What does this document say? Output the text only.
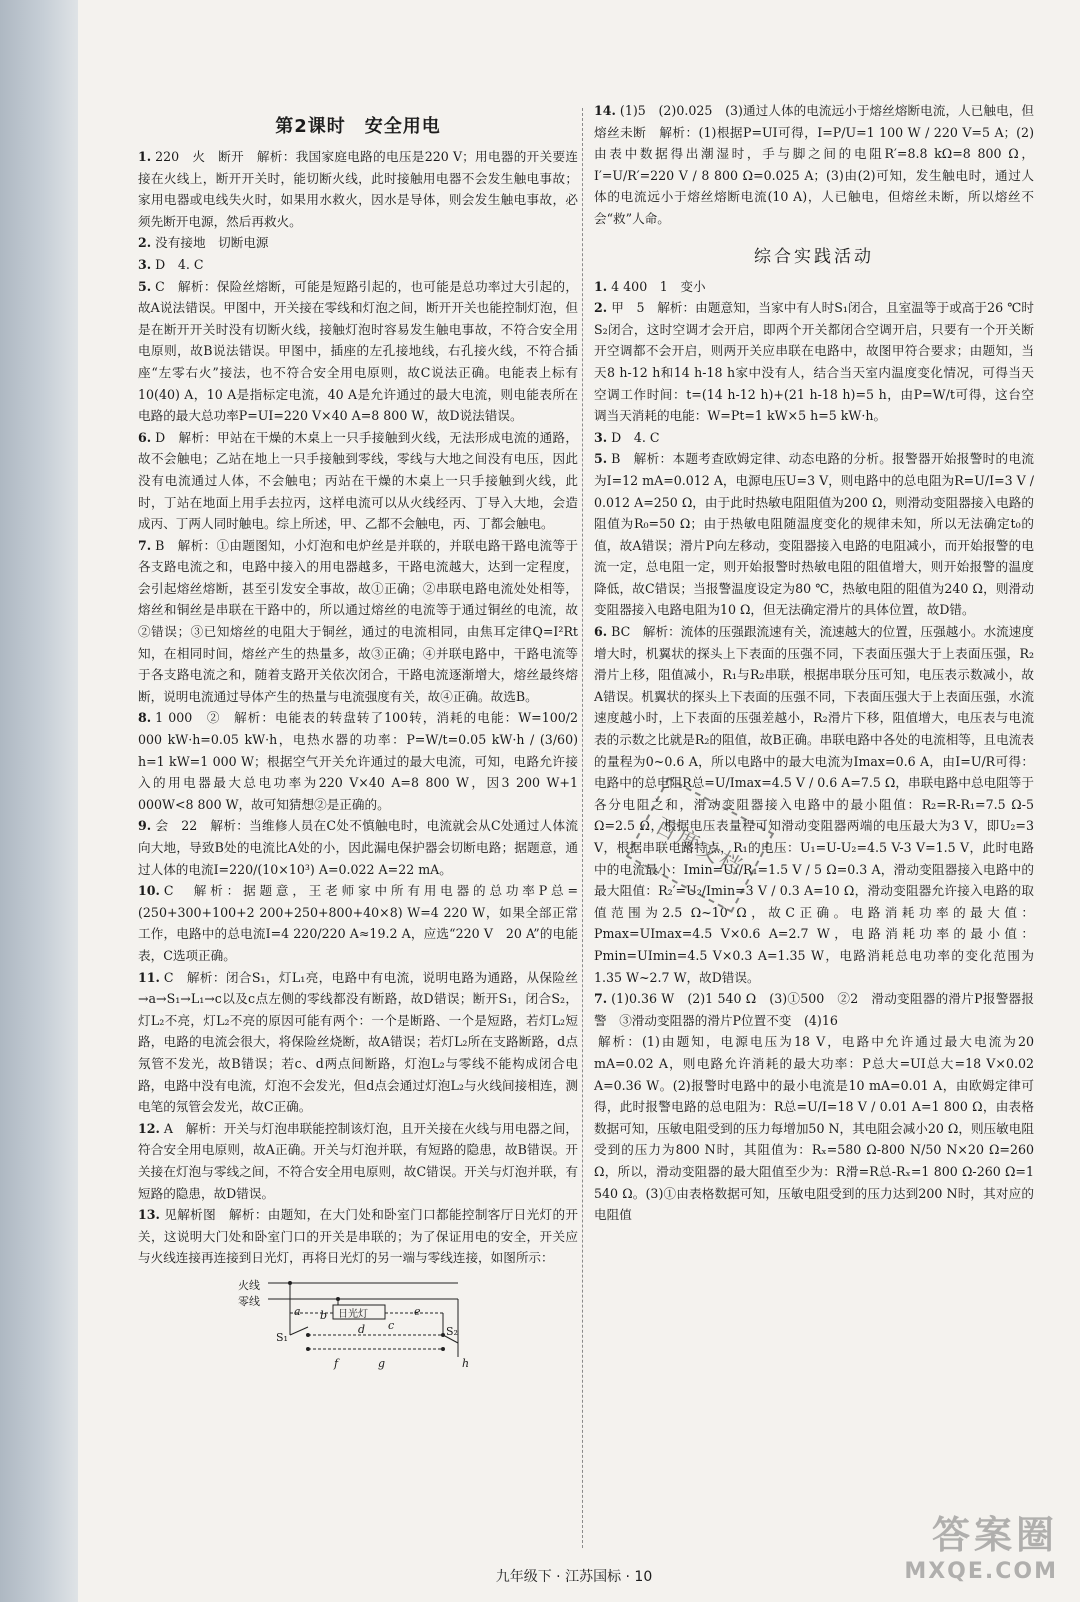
第2课时　安全用电

1. 220　火　断开　解析：我国家庭电路的电压是220 V；用电器的开关要连接在火线上，断开开关时，能切断火线，此时接触用电器不会发生触电事故；家用电器或电线失火时，如果用水救火，因水是导体，则会发生触电事故，必须先断开电源，然后再救火。

2. 没有接地　切断电源

3. D　4. C

5. C　解析：保险丝熔断，可能是短路引起的，也可能是总功率过大引起的，故A说法错误。甲图中，开关接在零线和灯泡之间，断开开关也能控制灯泡，但是在断开开关时没有切断火线，接触灯泡时容易发生触电事故，不符合安全用电原则，故B说法错误。甲图中，插座的左孔接地线，右孔接火线，不符合插座“左零右火”接法，也不符合安全用电原则，故C说法正确。电能表上标有10(40) A，10 A是指标定电流，40 A是允许通过的最大电流，则电能表所在电路的最大总功率P=UI=220 V×40 A=8 800 W，故D说法错误。

6. D　解析：甲站在干燥的木桌上一只手接触到火线，无法形成电流的通路，故不会触电；乙站在地上一只手接触到零线，零线与大地之间没有电压，因此没有电流通过人体，不会触电；丙站在干燥的木桌上一只手接触到火线，此时，丁站在地面上用手去拉丙，这样电流可以从火线经丙、丁导入大地，会造成丙、丁两人同时触电。综上所述，甲、乙都不会触电，丙、丁都会触电。

7. B　解析：①由题图知，小灯泡和电炉丝是并联的，并联电路干路电流等于各支路电流之和，电路中接入的用电器越多，干路电流越大，达到一定程度，会引起熔丝熔断，甚至引发安全事故，故①正确；②串联电路电流处处相等，熔丝和铜丝是串联在干路中的，所以通过熔丝的电流等于通过铜丝的电流，故②错误；③已知熔丝的电阻大于铜丝，通过的电流相同，由焦耳定律Q=I²Rt知，在相同时间，熔丝产生的热量多，故③正确；④并联电路中，干路电流等于各支路电流之和，随着支路开关依次闭合，干路电流逐渐增大，熔丝最终熔断，说明电流通过导体产生的热量与电流强度有关，故④正确。故选B。

8. 1 000　②　解析：电能表的转盘转了100转，消耗的电能：W=100/2 000 kW·h=0.05 kW·h，电热水器的功率：P=W/t=0.05 kW·h / (3/60) h=1 kW=1 000 W；根据空气开关允许通过的最大电流，可知，电路允许接入的用电器最大总电功率为220 V×40 A=8 800 W，因3 200 W+1 000W<8 800 W，故可知猜想②是正确的。

9. 会　22　解析：当维修人员在C处不慎触电时，电流就会从C处通过人体流向大地，导致B处的电流比A处的小，因此漏电保护器会切断电路；据题意，通过人体的电流I=220/(10×10³) A=0.022 A=22 mA。

10. C　解析：据题意，王老师家中所有用电器的总功率P总=(250+300+100+2 200+250+800+40×8) W=4 220 W，如果全部正常工作，电路中的总电流I=4 220/220 A≈19.2 A，应选“220 V　20 A”的电能表，C选项正确。

11. C　解析：闭合S₁，灯L₁亮，电路中有电流，说明电路为通路，从保险丝→a→S₁→L₁→c以及c点左侧的零线都没有断路，故D错误；断开S₁，闭合S₂，灯L₂不亮，灯L₂不亮的原因可能有两个：一个是断路、一个是短路，若灯L₂短路，电路的电流会很大，将保险丝烧断，故A错误；若灯L₂所在支路断路，d点氖管不发光，故B错误；若c、d两点间断路，灯泡L₂与零线不能构成闭合电路，电路中没有电流，灯泡不会发光，但d点会通过灯泡L₂与火线间接相连，测电笔的氖管会发光，故C正确。

12. A　解析：开关与灯泡串联能控制该灯泡，且开关接在火线与用电器之间，符合安全用电原则，故A正确。开关与灯泡并联，有短路的隐患，故B错误。开关接在灯泡与零线之间，不符合安全用电原则，故C错误。开关与灯泡并联，有短路的隐患，故D错误。

13. 见解析图　解析：由题知，在大门处和卧室门口都能控制客厅日光灯的开关，这说明大门处和卧室门口的开关是串联的；为了保证用电的安全，开关应与火线连接再连接到日光灯，再将日光灯的另一端与零线连接，如图所示：

火线
零线
日光灯
S₁	S₂
a b
c
d
e
f	g	h

14. (1)5　(2)0.025　(3)通过人体的电流远小于熔丝熔断电流，人已触电，但熔丝未断　解析：(1)根据P=UI可得，I=P/U=1 100 W / 220 V=5 A；(2)由表中数据得出潮湿时，手与脚之间的电阻R′=8.8 kΩ=8 800 Ω，I′=U/R′=220 V / 8 800 Ω=0.025 A；(3)由(2)可知，发生触电时，通过人体的电流远小于熔丝熔断电流(10 A)，人已触电，但熔丝未断，所以熔丝不会“救”人命。

综合实践活动

1. 4 400　1　变小

2. 甲　5　解析：由题意知，当家中有人时S₁闭合，且室温等于或高于26 ℃时S₂闭合，这时空调才会开启，即两个开关都闭合空调开启，只要有一个开关断开空调都不会开启，则两开关应串联在电路中，故图甲符合要求；由题知，当天8 h-12 h和14 h-18 h家中没有人，结合当天室内温度变化情况，可得当天空调工作时间：t=(14 h-12 h)+(21 h-18 h)=5 h，由P=W/t可得，这台空调当天消耗的电能：W=Pt=1 kW×5 h=5 kW·h。

3. D　4. C

5. B　解析：本题考查欧姆定律、动态电路的分析。报警器开始报警时的电流为I=12 mA=0.012 A，电源电压U=3 V，则电路中的总电阻为R=U/I=3 V / 0.012 A=250 Ω，由于此时热敏电阻阻值为200 Ω，则滑动变阻器接入电路的阻值为R₀=50 Ω；由于热敏电阻随温度变化的规律未知，所以无法确定t₀的值，故A错误；滑片P向左移动，变阻器接入电路的电阻减小，而开始报警的电流一定，总电阻一定，则开始报警时热敏电阻的阻值增大，则开始报警的温度降低，故C错误；当报警温度设定为80 ℃，热敏电阻的阻值为240 Ω，则滑动变阻器接入电路电阻为10 Ω，但无法确定滑片的具体位置，故D错。

6. BC　解析：流体的压强跟流速有关，流速越大的位置，压强越小。水流速度增大时，机翼状的探头上下表面的压强不同，下表面压强大于上表面压强，R₂滑片上移，阻值减小，R₁与R₂串联，根据串联分压可知，电压表示数减小，故A错误。机翼状的探头上下表面的压强不同，下表面压强大于上表面压强，水流速度越小时，上下表面的压强差越小，R₂滑片下移，阻值增大，电压表与电流表的示数之比就是R₂的阻值，故B正确。串联电路中各处的电流相等，且电流表的量程为0~0.6 A，所以电路中的最大电流为Imax=0.6 A，由I=U/R可得：电路中的总电阻R总=U/Imax=4.5 V / 0.6 A=7.5 Ω，串联电路中总电阻等于各分电阻之和，滑动变阻器接入电路中的最小阻值：R₂=R-R₁=7.5 Ω-5 Ω=2.5 Ω，根据电压表量程可知滑动变阻器两端的电压最大为3 V，即U₂=3 V，根据串联电路特点，R₁的电压：U₁=U-U₂=4.5 V-3 V=1.5 V，此时电路中的电流最小：Imin=U₁/R₁=1.5 V / 5 Ω=0.3 A，滑动变阻器接入电路中的最大阻值：R₂′=U₂/Imin=3 V / 0.3 A=10 Ω，滑动变阻器允许接入电路的取值范围为2.5 Ω~10 Ω，故C正确。电路消耗功率的最大值：Pmax=UImax=4.5 V×0.6 A=2.7 W，电路消耗功率的最小值：Pmin=UImin=4.5 V×0.3 A=1.35 W，电路消耗总电功率的变化范围为1.35 W~2.7 W，故D错误。

7. (1)0.36 W　(2)1 540 Ω　(3)①500　②2　滑动变阻器的滑片P报警器报警　③滑动变阻器的滑片P位置不变　(4)16

解析：(1)由题知，电源电压为18 V，电路中允许通过最大电流为20 mA=0.02 A，则电路允许消耗的最大功率：P总大=UI总大=18 V×0.02 A=0.36 W。(2)报警时电路中的最小电流是10 mA=0.01 A，由欧姆定律可得，此时报警电路的总电阻为：R总=U/I=18 V / 0.01 A=1 800 Ω，由表格数据可知，压敏电阻受到的压力每增加50 N，其电阻会减小20 Ω，则压敏电阻受到的压力为800 N时，其阻值为：Rₓ=580 Ω-800 N/50 N×20 Ω=260 Ω，所以，滑动变阻器的最大阻值至少为：R滑=R总-Rₓ=1 800 Ω-260 Ω=1 540 Ω。(3)①由表格数据可知，压敏电阻受到的压力达到200 N时，其对应的电阻值

九年级下 · 江苏国标 · 10
百度文档
答案圈
MXQE.COM
